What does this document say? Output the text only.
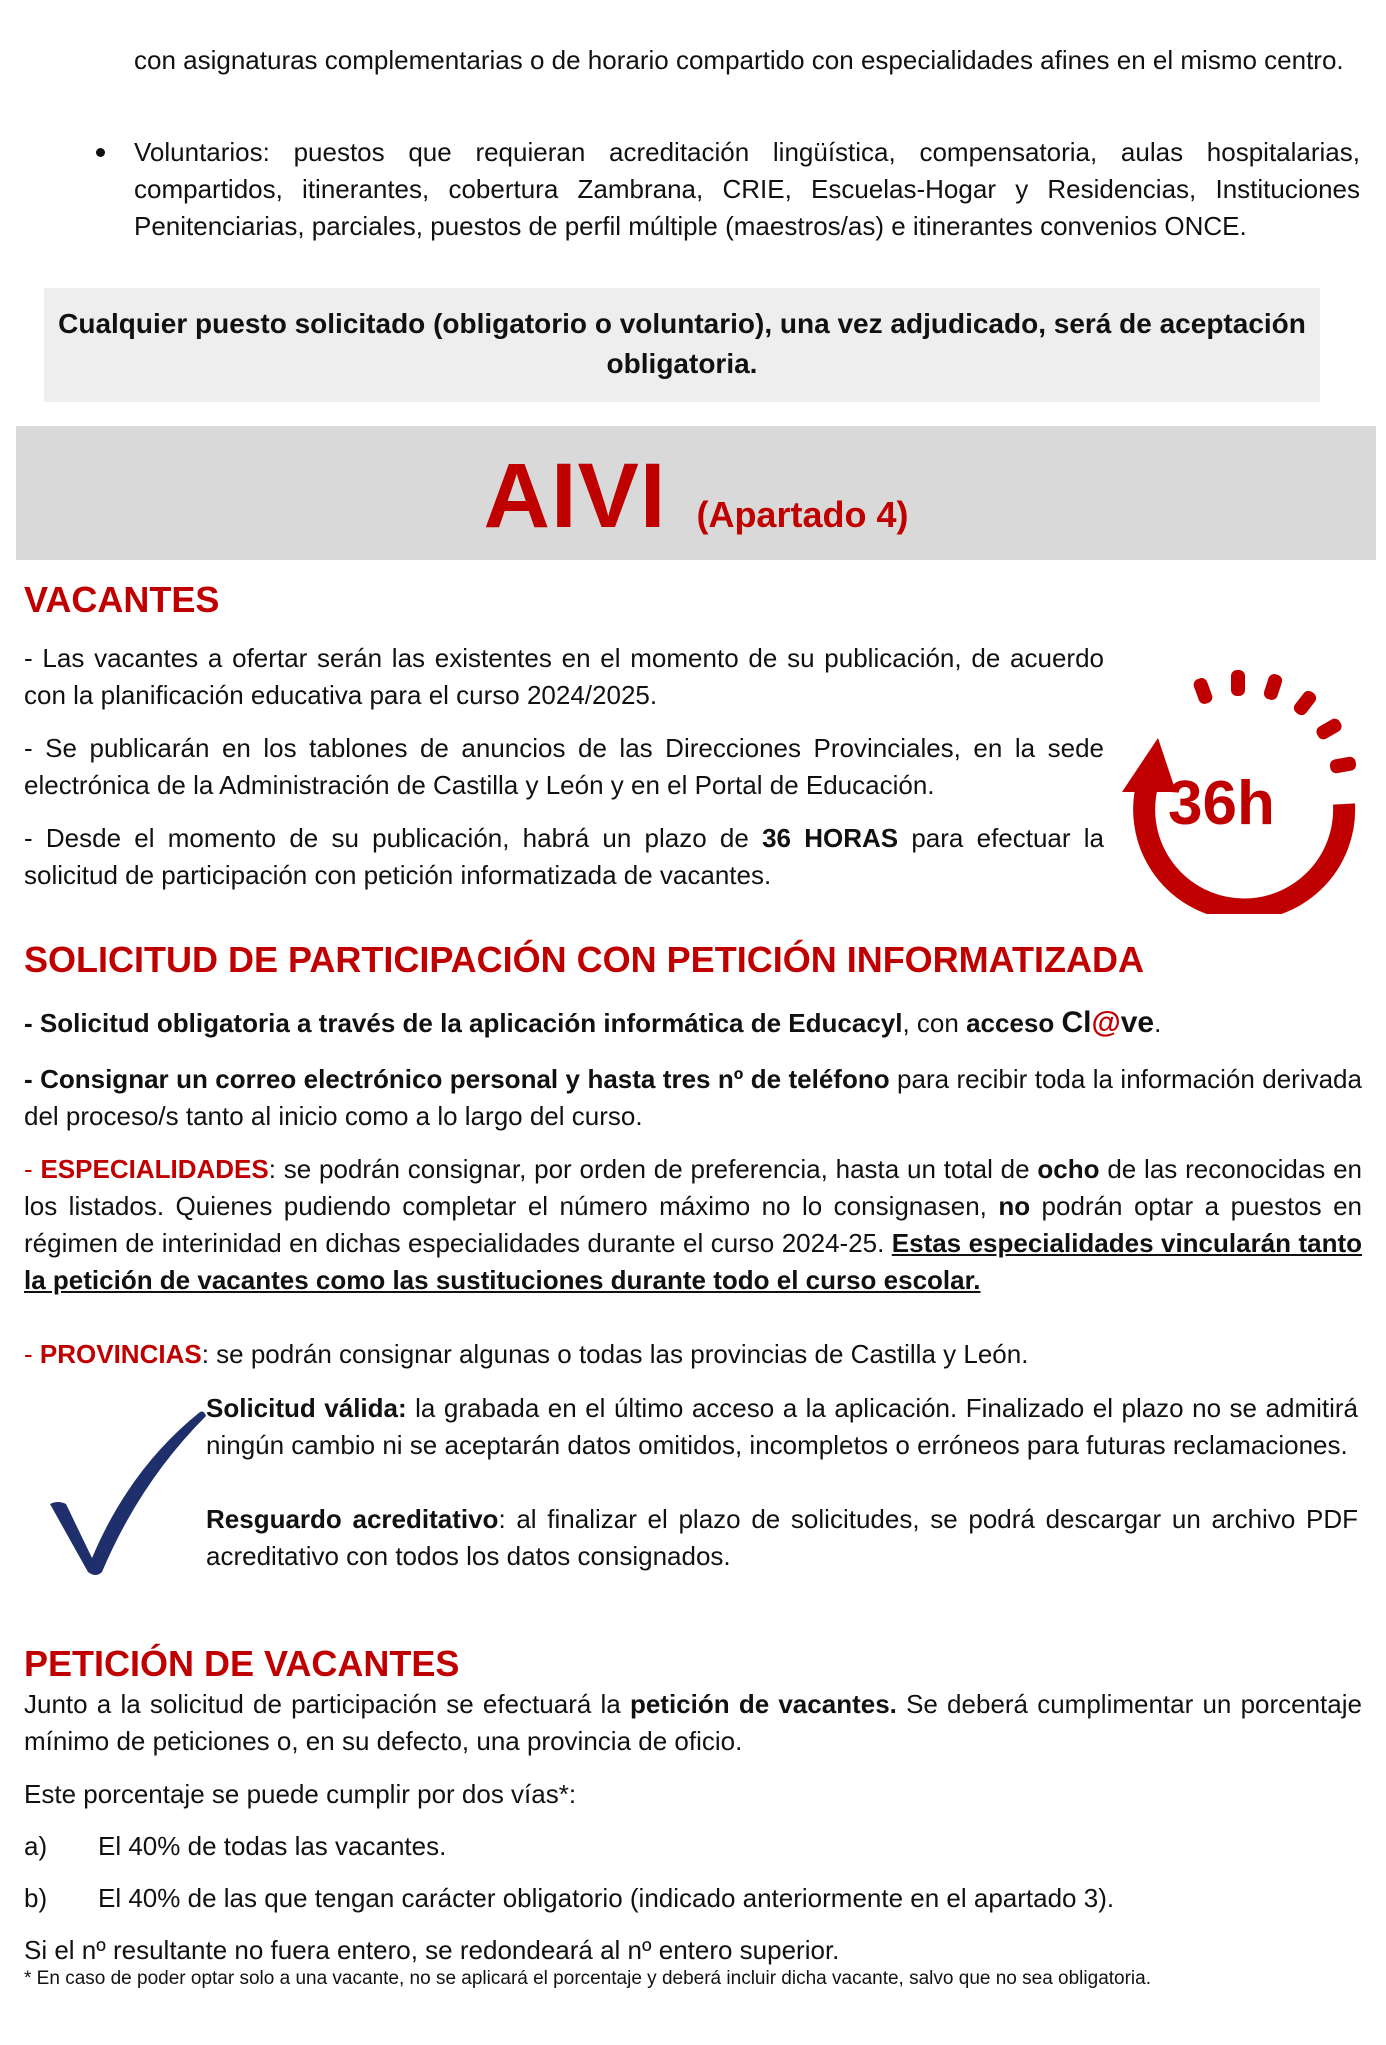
con asignaturas complementarias o de horario compartido con especialidades afines en el mismo centro.
Voluntarios: puestos que requieran acreditación lingüística, compensatoria, aulas hospitalarias, compartidos, itinerantes, cobertura Zambrana, CRIE, Escuelas-Hogar y Residencias, Instituciones Penitenciarias, parciales, puestos de perfil múltiple (maestros/as) e itinerantes convenios ONCE.
Cualquier puesto solicitado (obligatorio o voluntario), una vez adjudicado, será de aceptación obligatoria.
AIVI (Apartado 4)
VACANTES
- Las vacantes a ofertar serán las existentes en el momento de su publicación, de acuerdo con la planificación educativa para el curso 2024/2025.
- Se publicarán en los tablones de anuncios de las Direcciones Provinciales, en la sede electrónica de la Administración de Castilla y León y en el Portal de Educación.
- Desde el momento de su publicación, habrá un plazo de 36 HORAS para efectuar la solicitud de participación con petición informatizada de vacantes.
36h
SOLICITUD DE PARTICIPACIÓN CON PETICIÓN INFORMATIZADA
- Solicitud obligatoria a través de la aplicación informática de Educacyl, con acceso Cl@ve.
- Consignar un correo electrónico personal y hasta tres nº de teléfono para recibir toda la información derivada del proceso/s tanto al inicio como a lo largo del curso.
- ESPECIALIDADES: se podrán consignar, por orden de preferencia, hasta un total de ocho de las reconocidas en los listados. Quienes pudiendo completar el número máximo no lo consignasen, no podrán optar a puestos en régimen de interinidad en dichas especialidades durante el curso 2024-25. Estas especialidades vincularán tanto la petición de vacantes como las sustituciones durante todo el curso escolar.
- PROVINCIAS: se podrán consignar algunas o todas las provincias de Castilla y León.
Solicitud válida: la grabada en el último acceso a la aplicación. Finalizado el plazo no se admitirá ningún cambio ni se aceptarán datos omitidos, incompletos o erróneos para futuras reclamaciones.
Resguardo acreditativo: al finalizar el plazo de solicitudes, se podrá descargar un archivo PDF acreditativo con todos los datos consignados.
PETICIÓN DE VACANTES
Junto a la solicitud de participación se efectuará la petición de vacantes. Se deberá cumplimentar un porcentaje mínimo de peticiones o, en su defecto, una provincia de oficio.
Este porcentaje se puede cumplir por dos vías*:
a) El 40% de todas las vacantes.
b) El 40% de las que tengan carácter obligatorio (indicado anteriormente en el apartado 3).
Si el nº resultante no fuera entero, se redondeará al nº entero superior.
* En caso de poder optar solo a una vacante, no se aplicará el porcentaje y deberá incluir dicha vacante, salvo que no sea obligatoria.
